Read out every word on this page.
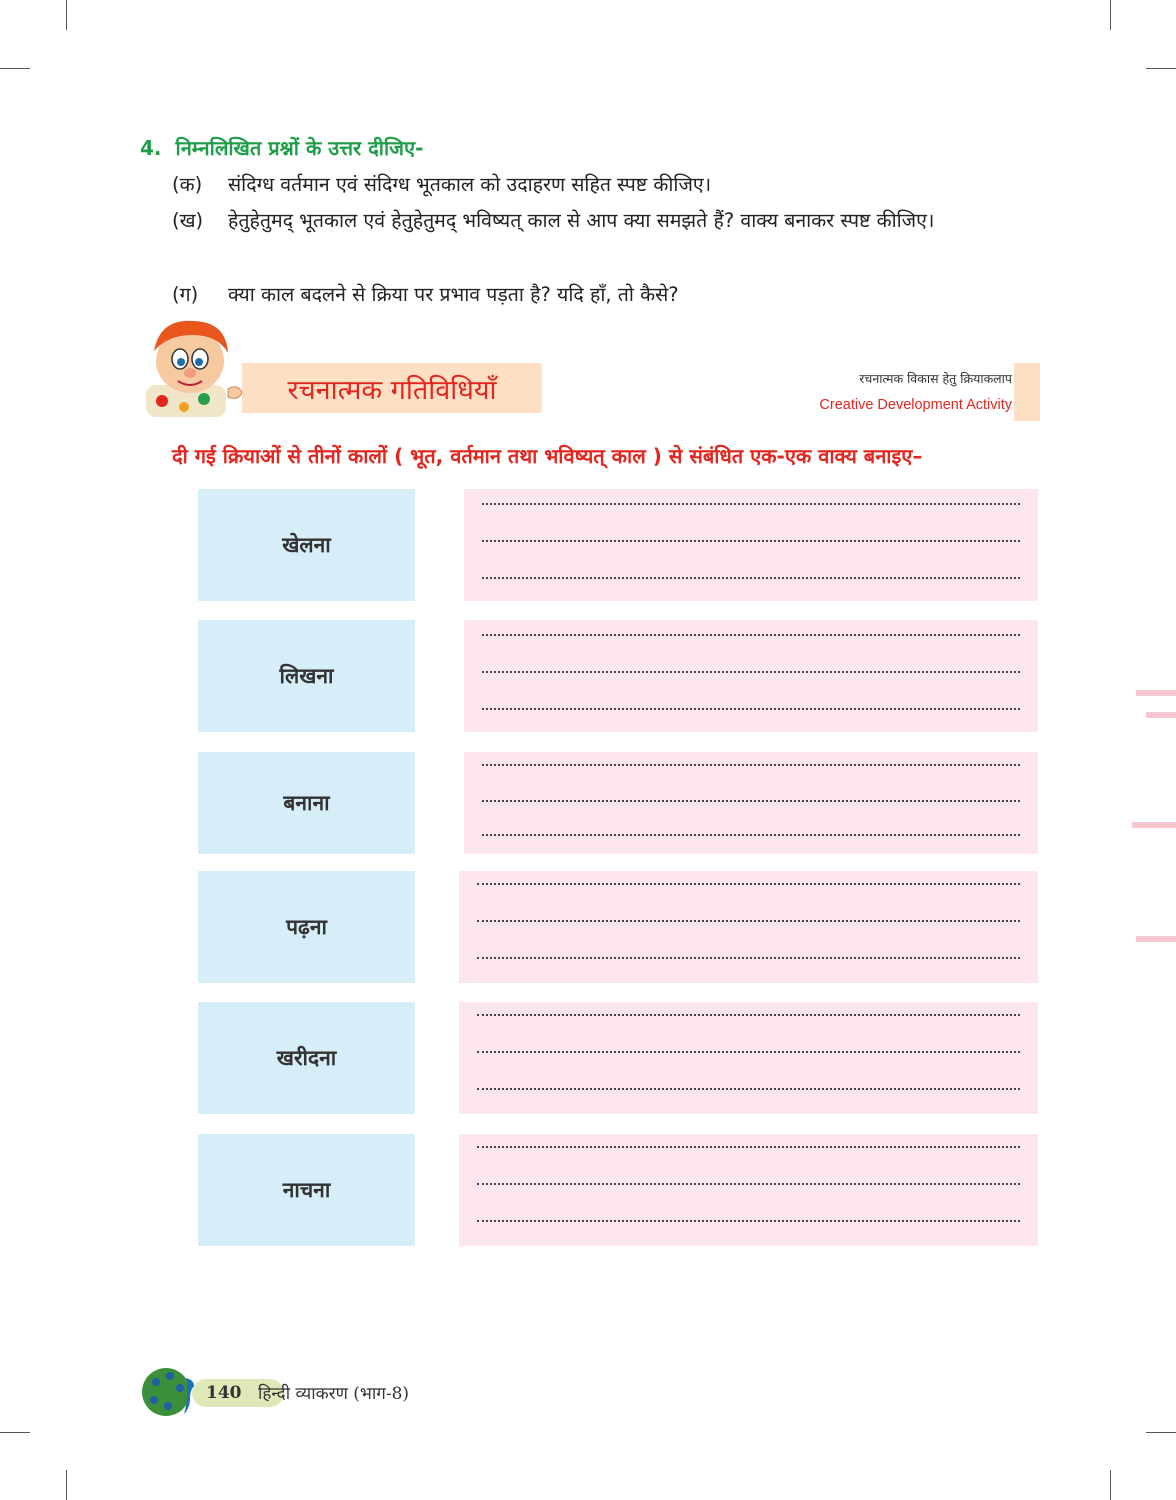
4. निम्नलिखित प्रश्नों के उत्तर दीजिए-
(क)	संदिग्ध वर्तमान एवं संदिग्ध भूतकाल को उदाहरण सहित स्पष्ट कीजिए।
(ख)	हेतुहेतुमद् भूतकाल एवं हेतुहेतुमद् भविष्यत् काल से आप क्या समझते हैं? वाक्य बनाकर स्पष्ट कीजिए।
(ग)	क्या काल बदलने से क्रिया पर प्रभाव पड़ता है? यदि हाँ, तो कैसे?
रचनात्मक गतिविधियाँ	रचनात्मक विकास हेतु क्रियाकलाप
Creative Development Activity
दी गई क्रियाओं से तीनों कालों ( भूत, वर्तमान तथा भविष्यत् काल ) से संबंधित एक-एक वाक्य बनाइए–
खेलना
लिखना
बनाना
पढ़ना
खरीदना
नाचना
140 हिन्दी व्याकरण (भाग-8)
